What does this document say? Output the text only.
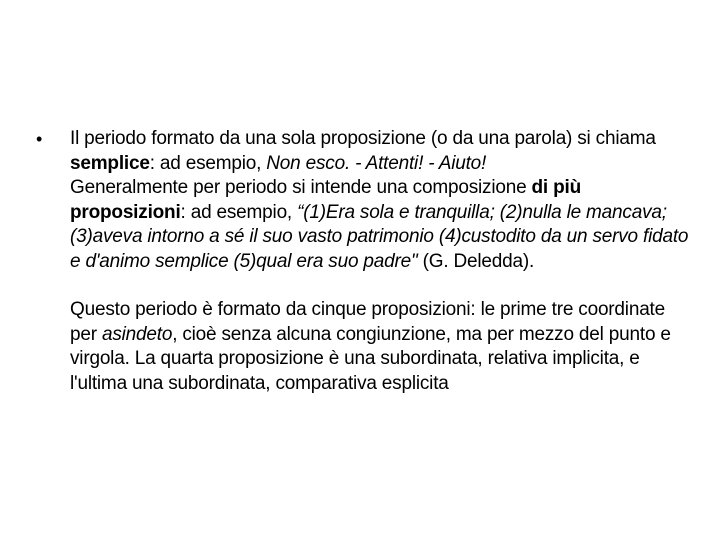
•	Il periodo formato da una sola proposizione (o da una parola) si chiama semplice: ad esempio, Non esco. - Attenti! - Aiuto!

Generalmente per periodo si intende una composizione di più proposizioni: ad esempio, “(1)Era sola e tranquilla; (2)nulla le mancava; (3)aveva intorno a sé il suo vasto patrimonio (4)custodito da un servo fidato e d'animo semplice (5)qual era suo padre" (G. Deledda).

Questo periodo è formato da cinque proposizioni: le prime tre coordinate per asindeto, cioè senza alcuna congiunzione, ma per mezzo del punto e virgola. La quarta proposizione è una subordinata, relativa implicita, e l'ultima una subordinata, comparativa esplicita
